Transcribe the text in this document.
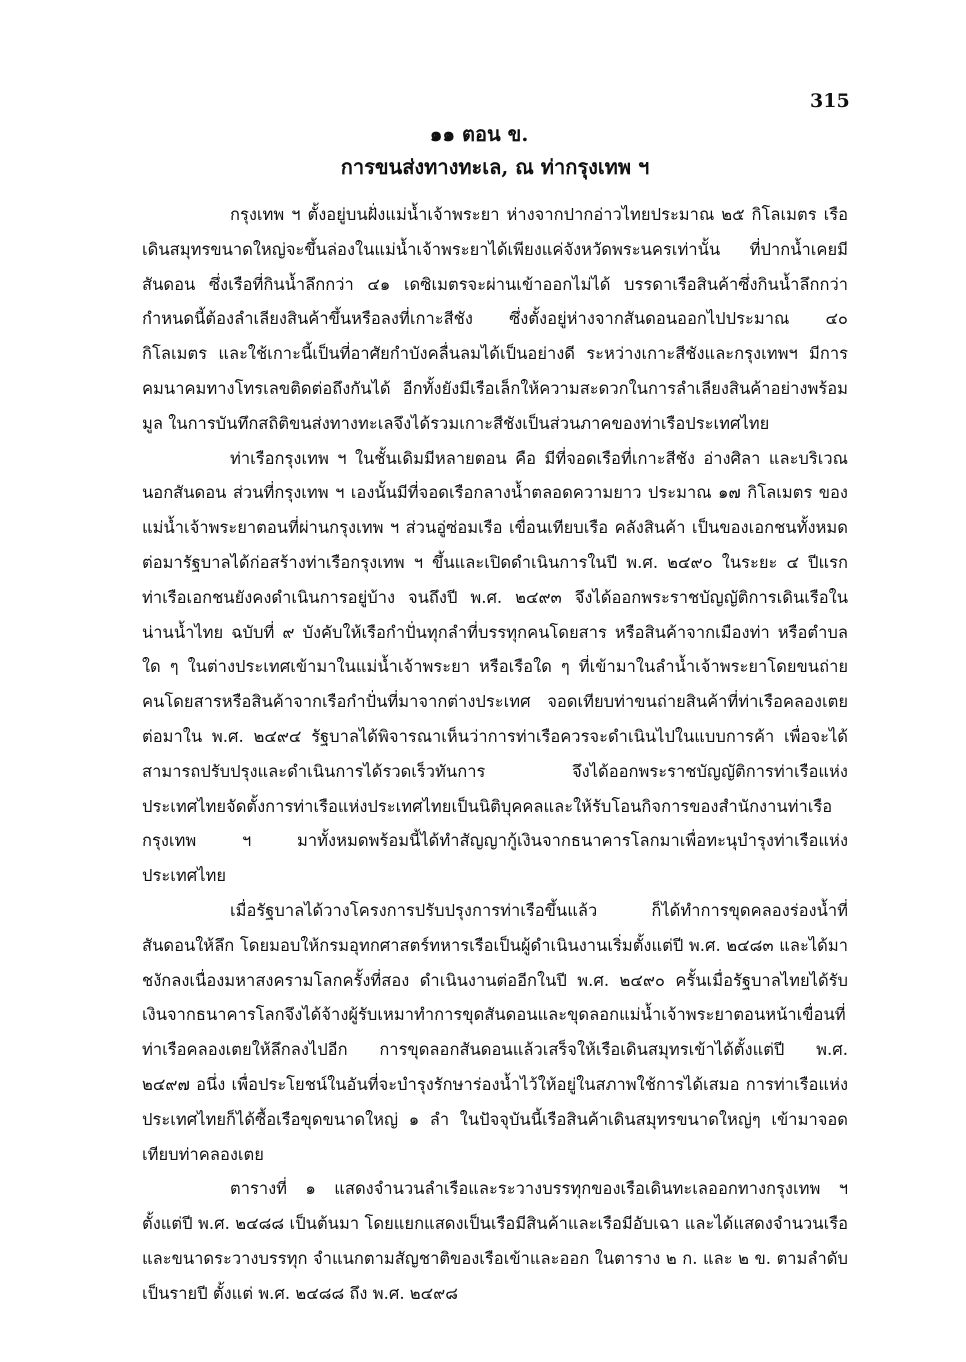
315
๑๑ ตอน ข.
การขนส่งทางทะเล, ณ ท่ากรุงเทพ ฯ

กรุงเทพ ฯ ตั้งอยู่บนฝั่งแม่น้ำเจ้าพระยา ห่างจากปากอ่าวไทยประมาณ ๒๕ กิโลเมตร เรือเดินสมุทรขนาดใหญ่จะขึ้นล่องในแม่น้ำเจ้าพระยาได้เพียงแค่จังหวัดพระนครเท่านั้น ที่ปากน้ำเคยมีสันดอน ซึ่งเรือที่กินน้ำลึกกว่า ๔๑ เดซิเมตรจะผ่านเข้าออกไม่ได้ บรรดาเรือสินค้าซึ่งกินน้ำลึกกว่ากำหนดนี้ต้องลำเลียงสินค้าขึ้นหรือลงที่เกาะสีชัง ซึ่งตั้งอยู่ห่างจากสันดอนออกไปประมาณ ๔๐ กิโลเมตร และใช้เกาะนี้เป็นที่อาศัยกำบังคลื่นลมได้เป็นอย่างดี ระหว่างเกาะสีชังและกรุงเทพฯ มีการคมนาคมทางโทรเลขติดต่อถึงกันได้ อีกทั้งยังมีเรือเล็กให้ความสะดวกในการลำเลียงสินค้าอย่างพร้อมมูล ในการบันทึกสถิติขนส่งทางทะเลจึงได้รวมเกาะสีชังเป็นส่วนภาคของท่าเรือประเทศไทย

ท่าเรือกรุงเทพ ฯ ในชั้นเดิมมีหลายตอน คือ มีที่จอดเรือที่เกาะสีชัง อ่างศิลา และบริเวณนอกสันดอน ส่วนที่กรุงเทพ ฯ เองนั้นมีที่จอดเรือกลางน้ำตลอดความยาว ประมาณ ๑๗ กิโลเมตร ของแม่น้ำเจ้าพระยาตอนที่ผ่านกรุงเทพ ฯ ส่วนอู่ซ่อมเรือ เขื่อนเทียบเรือ คลังสินค้า เป็นของเอกชนทั้งหมด ต่อมารัฐบาลได้ก่อสร้างท่าเรือกรุงเทพ ฯ ขึ้นและเปิดดำเนินการในปี พ.ศ. ๒๔๙๐ ในระยะ ๔ ปีแรก ท่าเรือเอกชนยังคงดำเนินการอยู่บ้าง จนถึงปี พ.ศ. ๒๔๙๓ จึงได้ออกพระราชบัญญัติการเดินเรือในน่านน้ำไทย ฉบับที่ ๙ บังคับให้เรือกำปั่นทุกลำที่บรรทุกคนโดยสาร หรือสินค้าจากเมืองท่า หรือตำบลใด ๆ ในต่างประเทศเข้ามาในแม่น้ำเจ้าพระยา หรือเรือใด ๆ ที่เข้ามาในลำน้ำเจ้าพระยาโดยขนถ่ายคนโดยสารหรือสินค้าจากเรือกำปั่นที่มาจากต่างประเทศ จอดเทียบท่าขนถ่ายสินค้าที่ท่าเรือคลองเตย ต่อมาใน พ.ศ. ๒๔๙๔ รัฐบาลได้พิจารณาเห็นว่าการท่าเรือควรจะดำเนินไปในแบบการค้า เพื่อจะได้สามารถปรับปรุงและดำเนินการได้รวดเร็วทันการ จึงได้ออกพระราชบัญญัติการท่าเรือแห่งประเทศไทยจัดตั้งการท่าเรือแห่งประเทศไทยเป็นนิติบุคคลและให้รับโอนกิจการของสำนักงานท่าเรือกรุงเทพ ฯ มาทั้งหมดพร้อมนี้ได้ทำสัญญากู้เงินจากธนาคารโลกมาเพื่อทะนุบำรุงท่าเรือแห่งประเทศไทย

เมื่อรัฐบาลได้วางโครงการปรับปรุงการท่าเรือขึ้นแล้ว ก็ได้ทำการขุดคลองร่องน้ำที่สันดอนให้ลึก โดยมอบให้กรมอุทกศาสตร์ทหารเรือเป็นผู้ดำเนินงานเริ่มตั้งแต่ปี พ.ศ. ๒๔๘๓ และได้มาชงักลงเนื่องมหาสงครามโลกครั้งที่สอง ดำเนินงานต่ออีกในปี พ.ศ. ๒๔๙๐ ครั้นเมื่อรัฐบาลไทยได้รับเงินจากธนาคารโลกจึงได้จ้างผู้รับเหมาทำการขุดสันดอนและขุดลอกแม่น้ำเจ้าพระยาตอนหน้าเขื่อนที่ท่าเรือคลองเตยให้ลึกลงไปอีก การขุดลอกสันดอนแล้วเสร็จให้เรือเดินสมุทรเข้าได้ตั้งแต่ปี พ.ศ. ๒๔๙๗ อนึ่ง เพื่อประโยชน์ในอันที่จะบำรุงรักษาร่องน้ำไว้ให้อยู่ในสภาพใช้การได้เสมอ การท่าเรือแห่งประเทศไทยก็ได้ซื้อเรือขุดขนาดใหญ่ ๑ ลำ ในปัจจุบันนี้เรือสินค้าเดินสมุทรขนาดใหญ่ๆ เข้ามาจอดเทียบท่าคลองเตย

ตารางที่ ๑ แสดงจำนวนลำเรือและระวางบรรทุกของเรือเดินทะเลออกทางกรุงเทพ ฯ ตั้งแต่ปี พ.ศ. ๒๔๘๘ เป็นต้นมา โดยแยกแสดงเป็นเรือมีสินค้าและเรือมีอับเฉา และได้แสดงจำนวนเรือและขนาดระวางบรรทุก จำแนกตามสัญชาติของเรือเข้าและออก ในตาราง ๒ ก. และ ๒ ข. ตามลำดับ เป็นรายปี ตั้งแต่ พ.ศ. ๒๔๘๘ ถึง พ.ศ. ๒๔๙๘
